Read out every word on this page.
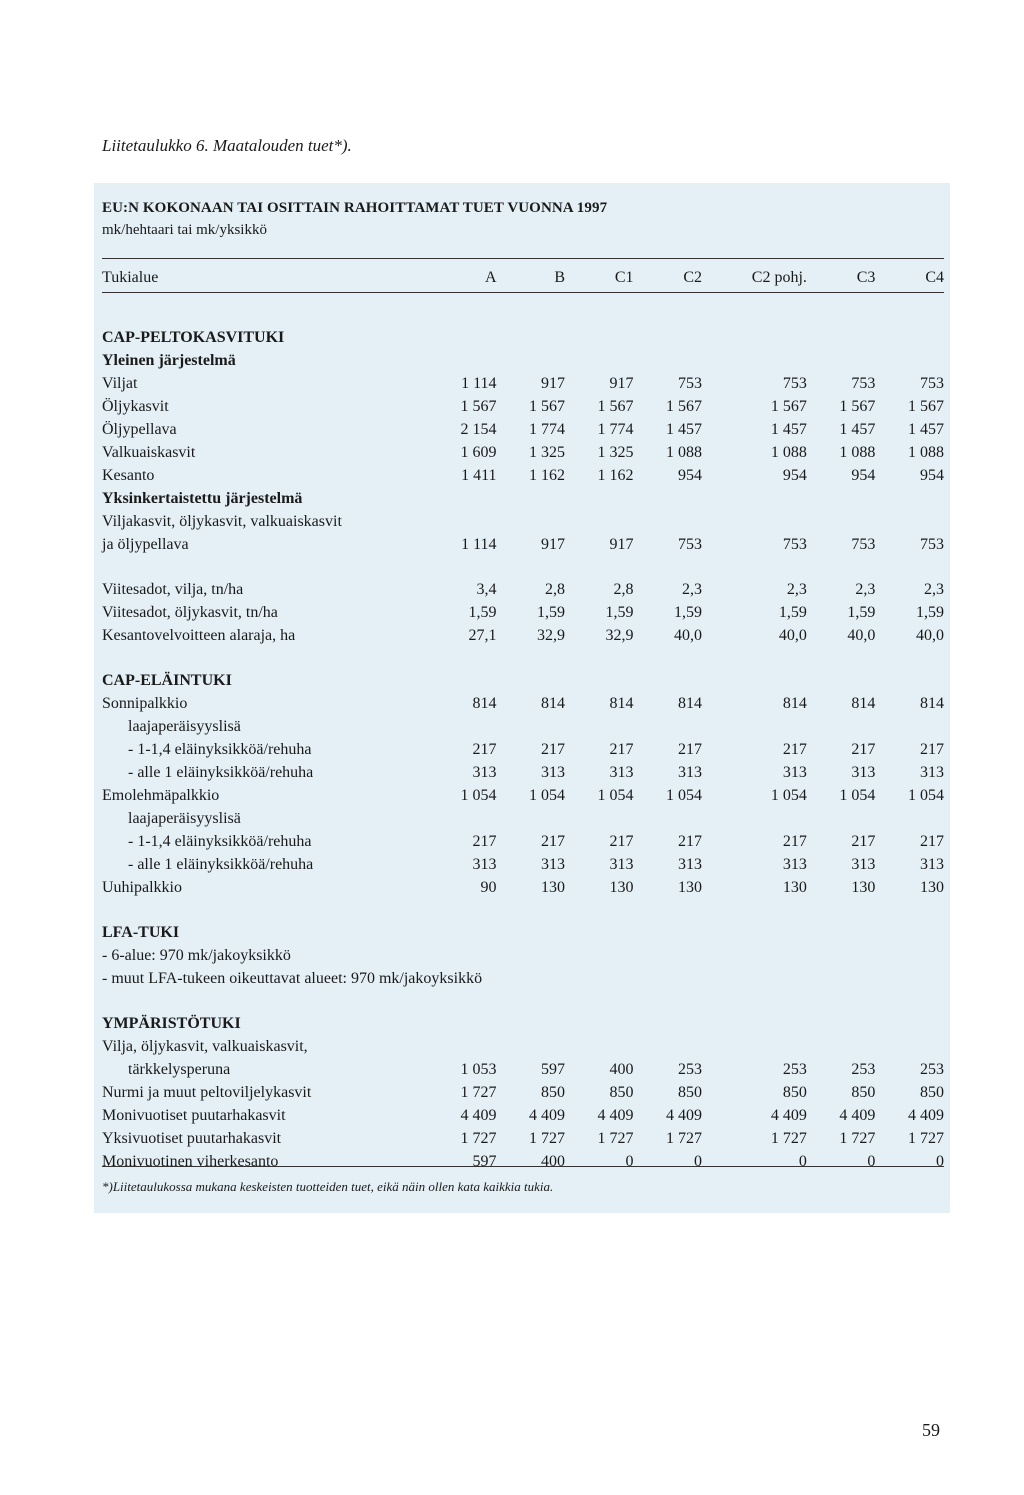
Liitetaulukko 6. Maatalouden tuet*).
EU:N KOKONAAN TAI OSITTAIN RAHOITTAMAT TUET VUONNA 1997
mk/hehtaari tai mk/yksikkö
Tukialue	A	B	C1	C2	C2 pohj.	C3	C4

CAP-PELTOKASVITUKI							
Yleinen järjestelmä							
Viljat	1 114	917	917	753	753	753	753
Öljykasvit	1 567	1 567	1 567	1 567	1 567	1 567	1 567
Öljypellava	2 154	1 774	1 774	1 457	1 457	1 457	1 457
Valkuaiskasvit	1 609	1 325	1 325	1 088	1 088	1 088	1 088
Kesanto	1 411	1 162	1 162	954	954	954	954
Yksinkertaistettu järjestelmä							
Viljakasvit, öljykasvit, valkuaiskasvit							
ja öljypellava	1 114	917	917	753	753	753	753

Viitesadot, vilja, tn/ha	3,4	2,8	2,8	2,3	2,3	2,3	2,3
Viitesadot, öljykasvit, tn/ha	1,59	1,59	1,59	1,59	1,59	1,59	1,59
Kesantovelvoitteen alaraja, ha	27,1	32,9	32,9	40,0	40,0	40,0	40,0

CAP-ELÄINTUKI							
Sonnipalkkio	814	814	814	814	814	814	814
laajaperäisyyslisä							
- 1-1,4 eläinyksikköä/rehuha	217	217	217	217	217	217	217
- alle 1 eläinyksikköä/rehuha	313	313	313	313	313	313	313
Emolehmäpalkkio	1 054	1 054	1 054	1 054	1 054	1 054	1 054
laajaperäisyyslisä							
- 1-1,4 eläinyksikköä/rehuha	217	217	217	217	217	217	217
- alle 1 eläinyksikköä/rehuha	313	313	313	313	313	313	313
Uuhipalkkio	90	130	130	130	130	130	130

LFA-TUKI							
- 6-alue: 970 mk/jakoyksikkö							
- muut LFA-tukeen oikeuttavat alueet: 970 mk/jakoyksikkö							

YMPÄRISTÖTUKI							
Vilja, öljykasvit, valkuaiskasvit,							
tärkkelysperuna	1 053	597	400	253	253	253	253
Nurmi ja muut peltoviljelykasvit	1 727	850	850	850	850	850	850
Monivuotiset puutarhakasvit	4 409	4 409	4 409	4 409	4 409	4 409	4 409
Yksivuotiset puutarhakasvit	1 727	1 727	1 727	1 727	1 727	1 727	1 727
Monivuotinen viherkesanto	597	400	0	0	0	0	0
*)Liitetaulukossa mukana keskeisten tuotteiden tuet, eikä näin ollen kata kaikkia tukia.
59
